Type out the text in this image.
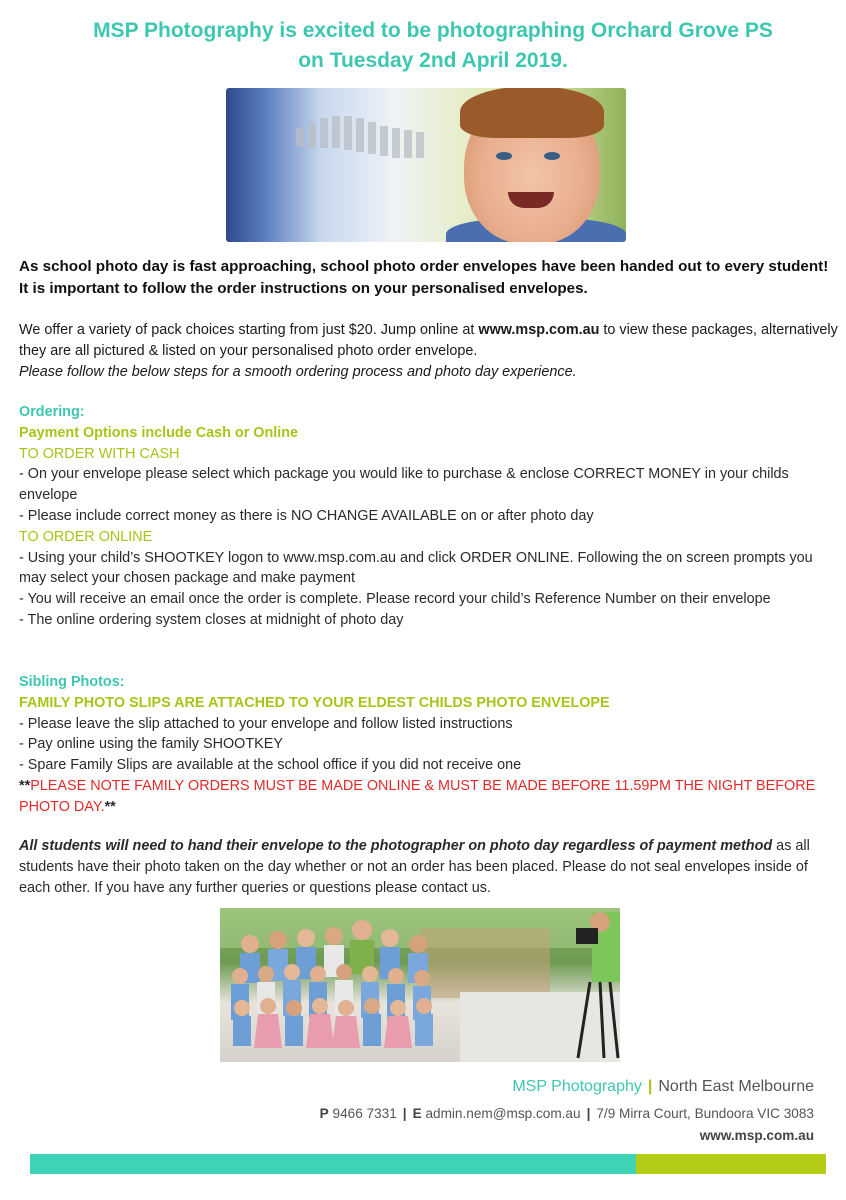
MSP Photography is excited to be photographing Orchard Grove PS
on Tuesday 2nd April 2019.
As school photo day is fast approaching, school photo order envelopes have been handed out to every student! It is important to follow the order instructions on your personalised envelopes.
We offer a variety of pack choices starting from just $20. Jump online at www.msp.com.au to view these packages, alternatively they are all pictured & listed on your personalised photo order envelope.
Please follow the below steps for a smooth ordering process and photo day experience.
Ordering:
Payment Options include Cash or Online
TO ORDER WITH CASH
- On your envelope please select which package you would like to purchase & enclose CORRECT MONEY in your childs envelope
- Please include correct money as there is NO CHANGE AVAILABLE on or after photo day
TO ORDER ONLINE
- Using your child’s SHOOTKEY logon to www.msp.com.au and click ORDER ONLINE. Following the on screen prompts you may select your chosen package and make payment
- You will receive an email once the order is complete. Please record your child’s Reference Number on their envelope
- The online ordering system closes at midnight of photo day
Sibling Photos:
FAMILY PHOTO SLIPS ARE ATTACHED TO YOUR ELDEST CHILDS PHOTO ENVELOPE
- Please leave the slip attached to your envelope and follow listed instructions
- Pay online using the family SHOOTKEY
- Spare Family Slips are available at the school office if you did not receive one
**PLEASE NOTE FAMILY ORDERS MUST BE MADE ONLINE & MUST BE MADE BEFORE 11.59PM THE NIGHT BEFORE PHOTO DAY.**
All students will need to hand their envelope to the photographer on photo day regardless of payment method as all students have their photo taken on the day whether or not an order has been placed. Please do not seal envelopes inside of each other. If you have any further queries or questions please contact us.
MSP Photography | North East Melbourne
P 9466 7331 | E admin.nem@msp.com.au | 7/9 Mirra Court, Bundoora VIC 3083
www.msp.com.au
